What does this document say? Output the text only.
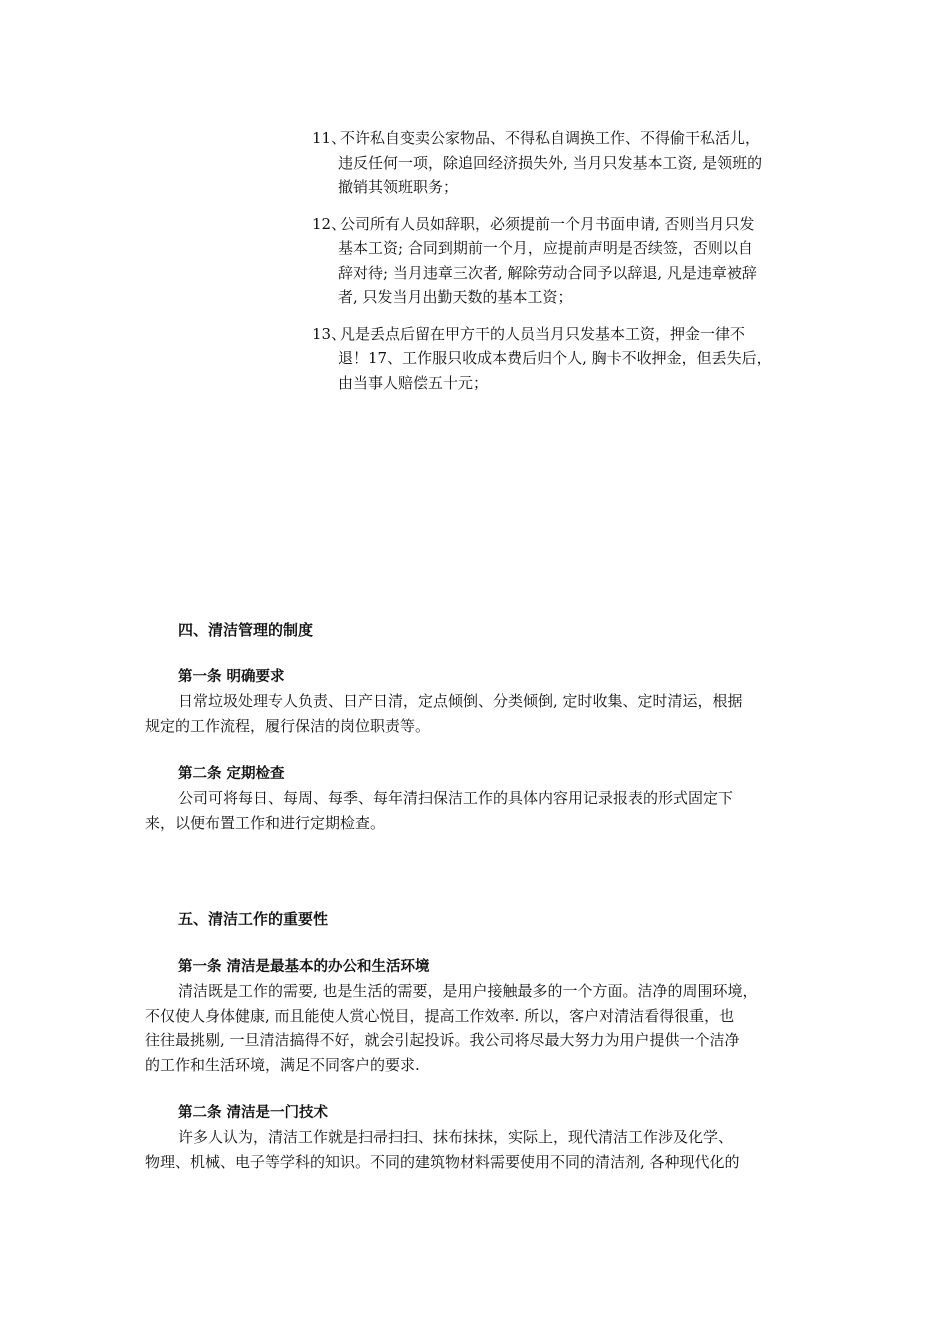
11、
不许私自变卖公家物品、不得私自调换工作、不得偷干私活儿，
违反任何一项，除追回经济损失外, 当月只发基本工资, 是领班的
撤销其领班职务；
12、
公司所有人员如辞职，必须提前一个月书面申请, 否则当月只发
基本工资; 合同到期前一个月，应提前声明是否续签，否则以自
辞对待; 当月违章三次者, 解除劳动合同予以辞退, 凡是违章被辞
者, 只发当月出勤天数的基本工资；
13、
凡是丢点后留在甲方干的人员当月只发基本工资，押金一律不
退！17、工作服只收成本费后归个人, 胸卡不收押金，但丢失后，
由当事人赔偿五十元；
四、清洁管理的制度
第一条 明确要求
日常垃圾处理专人负责、日产日清，定点倾倒、分类倾倒, 定时收集、定时清运，根据
规定的工作流程，履行保洁的岗位职责等。
第二条 定期检查
公司可将每日、每周、每季、每年清扫保洁工作的具体内容用记录报表的形式固定下
来，以便布置工作和进行定期检查。
五、清洁工作的重要性
第一条 清洁是最基本的办公和生活环境
清洁既是工作的需要, 也是生活的需要，是用户接触最多的一个方面。洁净的周围环境，
不仅使人身体健康, 而且能使人赏心悦目，提高工作效率. 所以，客户对清洁看得很重，也
往往最挑剔, 一旦清洁搞得不好，就会引起投诉。我公司将尽最大努力为用户提供一个洁净
的工作和生活环境，满足不同客户的要求.
第二条 清洁是一门技术
许多人认为，清洁工作就是扫帚扫扫、抹布抹抹，实际上，现代清洁工作涉及化学、
物理、机械、电子等学科的知识。不同的建筑物材料需要使用不同的清洁剂, 各种现代化的
